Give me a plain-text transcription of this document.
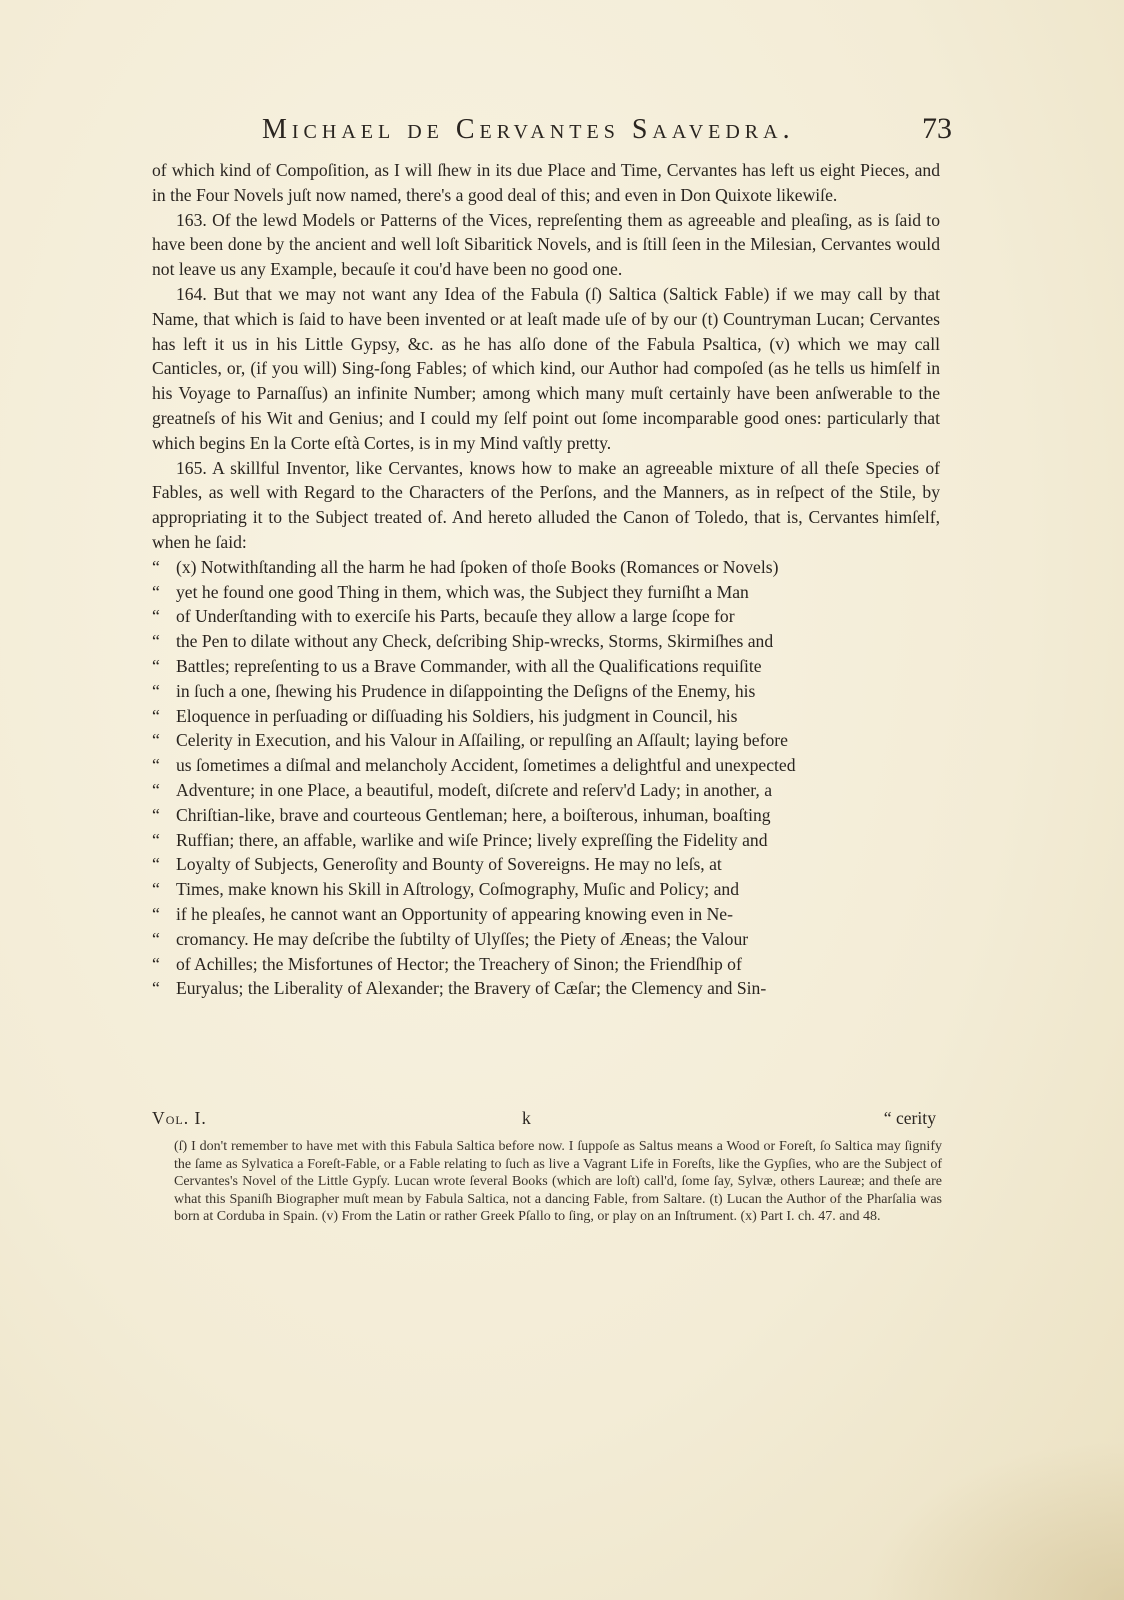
Michael de Cervantes Saavedra.	73

of which kind of Compoſition, as I will ſhew in its due Place and Time, Cervantes has left us eight Pieces, and in the Four Novels juſt now named, there's a good deal of this; and even in Don Quixote likewiſe.

163. Of the lewd Models or Patterns of the Vices, repreſenting them as agreeable and pleaſing, as is ſaid to have been done by the ancient and well loſt Sibaritick Novels, and is ſtill ſeen in the Milesian, Cervantes would not leave us any Example, becauſe it cou'd have been no good one.

164. But that we may not want any Idea of the Fabula (ſ) Saltica (Saltick Fable) if we may call by that Name, that which is ſaid to have been invented or at leaſt made uſe of by our (t) Countryman Lucan; Cervantes has left it us in his Little Gypsy, &c. as he has alſo done of the Fabula Psaltica, (v) which we may call Canticles, or, (if you will) Sing-ſong Fables; of which kind, our Author had compoſed (as he tells us himſelf in his Voyage to Parnaſſus) an infinite Number; among which many muſt certainly have been anſwerable to the greatneſs of his Wit and Genius; and I could my ſelf point out ſome incomparable good ones: particularly that which begins En la Corte eſtà Cortes, is in my Mind vaſtly pretty.

165. A skillful Inventor, like Cervantes, knows how to make an agreeable mixture of all theſe Species of Fables, as well with Regard to the Characters of the Perſons, and the Manners, as in reſpect of the Stile, by appropriating it to the Subject treated of. And hereto alluded the Canon of Toledo, that is, Cervantes himſelf, when he ſaid:

“ (x) Notwithſtanding all the harm he had ſpoken of thoſe Books (Romances or Novels)

“ yet he found one good Thing in them, which was, the Subject they furniſht a Man

“ of Underſtanding with to exerciſe his Parts, becauſe they allow a large ſcope for

“ the Pen to dilate without any Check, deſcribing Ship-wrecks, Storms, Skirmiſhes and

“ Battles; repreſenting to us a Brave Commander, with all the Qualifications requiſite

“ in ſuch a one, ſhewing his Prudence in diſappointing the Deſigns of the Enemy, his

“ Eloquence in perſuading or diſſuading his Soldiers, his judgment in Council, his

“ Celerity in Execution, and his Valour in Aſſailing, or repulſing an Aſſault; laying before

“ us ſometimes a diſmal and melancholy Accident, ſometimes a delightful and unexpected

“ Adventure; in one Place, a beautiful, modeſt, diſcrete and reſerv'd Lady; in another, a

“ Chriſtian-like, brave and courteous Gentleman; here, a boiſterous, inhuman, boaſting

“ Ruffian; there, an affable, warlike and wiſe Prince; lively expreſſing the Fidelity and

“ Loyalty of Subjects, Generoſity and Bounty of Sovereigns. He may no leſs, at

“ Times, make known his Skill in Aſtrology, Coſmography, Muſic and Policy; and

“ if he pleaſes, he cannot want an Opportunity of appearing knowing even in Ne-

“ cromancy. He may deſcribe the ſubtilty of Ulyſſes; the Piety of Æneas; the Valour

“ of Achilles; the Misfortunes of Hector; the Treachery of Sinon; the Friendſhip of

“ Euryalus; the Liberality of Alexander; the Bravery of Cæſar; the Clemency and Sin-

Vol. I.	k	“ cerity

(ſ) I don't remember to have met with this Fabula Saltica before now. I ſuppoſe as Saltus means a Wood or Foreſt, ſo Saltica may ſignify the ſame as Sylvatica a Foreſt-Fable, or a Fable relating to ſuch as live a Vagrant Life in Foreſts, like the Gypſies, who are the Subject of Cervantes's Novel of the Little Gypſy. Lucan wrote ſeveral Books (which are loſt) call'd, ſome ſay, Sylvæ, others Laureæ; and theſe are what this Spaniſh Biographer muſt mean by Fabula Saltica, not a dancing Fable, from Saltare. (t) Lucan the Author of the Pharſalia was born at Corduba in Spain. (v) From the Latin or rather Greek Pſallo to ſing, or play on an Inſtrument. (x) Part I. ch. 47. and 48.
